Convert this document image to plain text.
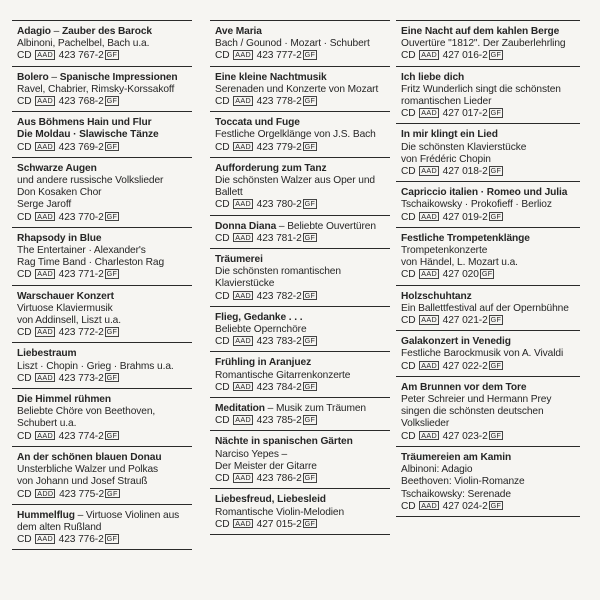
Adagio – Zauber des Barock
Albinoni, Pachelbel, Bach u.a.
CD AAD 423 767-2 GF
Bolero – Spanische Impressionen
Ravel, Chabrier, Rimsky-Korssakoff
CD AAD 423 768-2 GF
Aus Böhmens Hain und Flur
Die Moldau · Slawische Tänze
CD AAD 423 769-2 GF
Schwarze Augen
und andere russische Volkslieder
Don Kosaken Chor
Serge Jaroff
CD AAD 423 770-2 GF
Rhapsody in Blue
The Entertainer · Alexander's
Rag Time Band · Charleston Rag
CD AAD 423 771-2 GF
Warschauer Konzert
Virtuose Klaviermusik
von Addinsell, Liszt u.a.
CD AAD 423 772-2 GF
Liebestraum
Liszt · Chopin · Grieg · Brahms u.a.
CD AAD 423 773-2 GF
Die Himmel rühmen
Beliebte Chöre von Beethoven,
Schubert u.a.
CD AAD 423 774-2 GF
An der schönen blauen Donau
Unsterbliche Walzer und Polkas
von Johann und Josef Strauß
CD ADD 423 775-2 GF
Hummelflug – Virtuose Violinen aus
dem alten Rußland
CD AAD 423 776-2 GF
Ave Maria
Bach / Gounod · Mozart · Schubert
CD AAD 423 777-2 GF
Eine kleine Nachtmusik
Serenaden und Konzerte von Mozart
CD AAD 423 778-2 GF
Toccata und Fuge
Festliche Orgelklänge von J.S. Bach
CD AAD 423 779-2 GF
Aufforderung zum Tanz
Die schönsten Walzer aus Oper und
Ballett
CD AAD 423 780-2 GF
Donna Diana – Beliebte Ouvertüren
CD AAD 423 781-2 GF
Träumerei
Die schönsten romantischen
Klavierstücke
CD AAD 423 782-2 GF
Flieg, Gedanke . . .
Beliebte Opernchöre
CD AAD 423 783-2 GF
Frühling in Aranjuez
Romantische Gitarrenkonzerte
CD AAD 423 784-2 GF
Meditation – Musik zum Träumen
CD AAD 423 785-2 GF
Nächte in spanischen Gärten
Narciso Yepes –
Der Meister der Gitarre
CD AAD 423 786-2 GF
Liebesfreud, Liebesleid
Romantische Violin-Melodien
CD AAD 427 015-2 GF
Eine Nacht auf dem kahlen Berge
Ouvertüre "1812". Der Zauberlehrling
CD AAD 427 016-2 GF
Ich liebe dich
Fritz Wunderlich singt die schönsten
romantischen Lieder
CD AAD 427 017-2 GF
In mir klingt ein Lied
Die schönsten Klavierstücke
von Frédéric Chopin
CD AAD 427 018-2 GF
Capriccio italien · Romeo und Julia
Tschaikowsky · Prokofieff · Berlioz
CD AAD 427 019-2 GF
Festliche Trompetenklänge
Trompetenkonzerte
von Händel, L. Mozart u.a.
CD AAD 427 020 GF
Holzschuhtanz
Ein Ballettfestival auf der Opernbühne
CD AAD 427 021-2 GF
Galakonzert in Venedig
Festliche Barockmusik von A. Vivaldi
CD AAD 427 022-2 GF
Am Brunnen vor dem Tore
Peter Schreier und Hermann Prey
singen die schönsten deutschen
Volkslieder
CD AAD 427 023-2 GF
Träumereien am Kamin
Albinoni: Adagio
Beethoven: Violin-Romanze
Tschaikowsky: Serenade
CD AAD 427 024-2 GF
